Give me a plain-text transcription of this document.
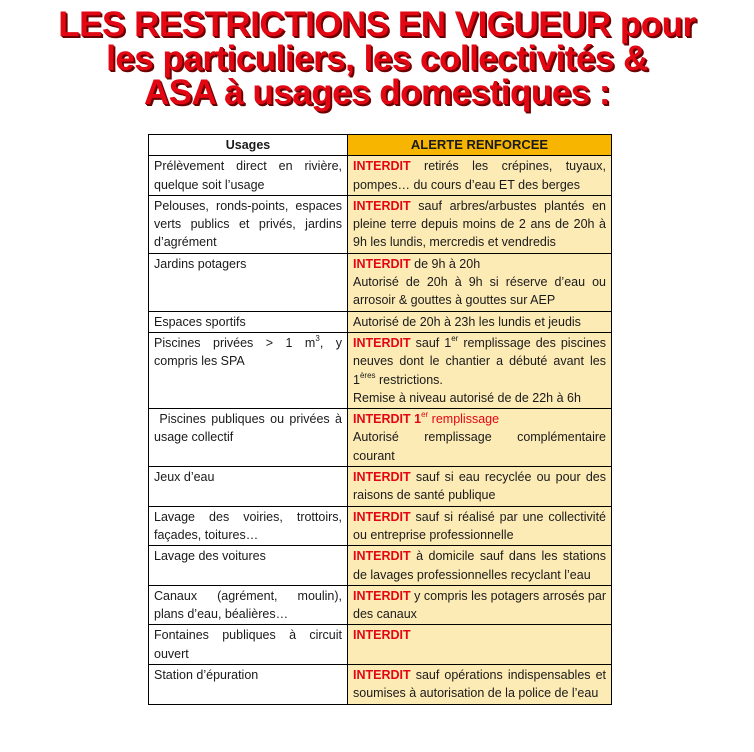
LES RESTRICTIONS EN VIGUEUR pour
les particuliers, les collectivités &
ASA à usages domestiques :
Usages	ALERTE RENFORCEE
Prélèvement direct en rivière, quelque soit l’usage	INTERDIT retirés les crépines, tuyaux, pompes… du cours d’eau ET des berges
Pelouses, ronds-points, espaces verts publics et privés, jardins d’agrément	INTERDIT sauf arbres/arbustes plantés en pleine terre depuis moins de 2 ans de 20h à 9h les lundis, mercredis et vendredis
Jardins potagers	INTERDIT de 9h à 20h

Autorisé de 20h à 9h si réserve d’eau ou arrosoir & gouttes à gouttes sur AEP

Espaces sportifs	Autorisé de 20h à 23h les lundis et jeudis
Piscines privées > 1 $m^3$, y compris les SPA	INTERDIT sauf 1er remplissage des piscines neuves dont le chantier a débuté avant les 1ères restrictions.

Remise à niveau autorisé de de 22h à 6h

Piscines publiques ou privées à usage collectif	INTERDIT 1er remplissage

Autorisé remplissage complémentaire courant

Jeux d’eau	INTERDIT sauf si eau recyclée ou pour des raisons de santé publique
Lavage des voiries, trottoirs, façades, toitures…	INTERDIT sauf si réalisé par une collectivité ou entreprise professionnelle
Lavage des voitures	INTERDIT à domicile sauf dans les stations de lavages professionnelles recyclant l’eau
Canaux (agrément, moulin), plans d’eau, béalières…	INTERDIT y compris les potagers arrosés par des canaux
Fontaines publiques à circuit ouvert	INTERDIT
Station d’épuration	INTERDIT sauf opérations indispensables et soumises à autorisation de la police de l’eau
